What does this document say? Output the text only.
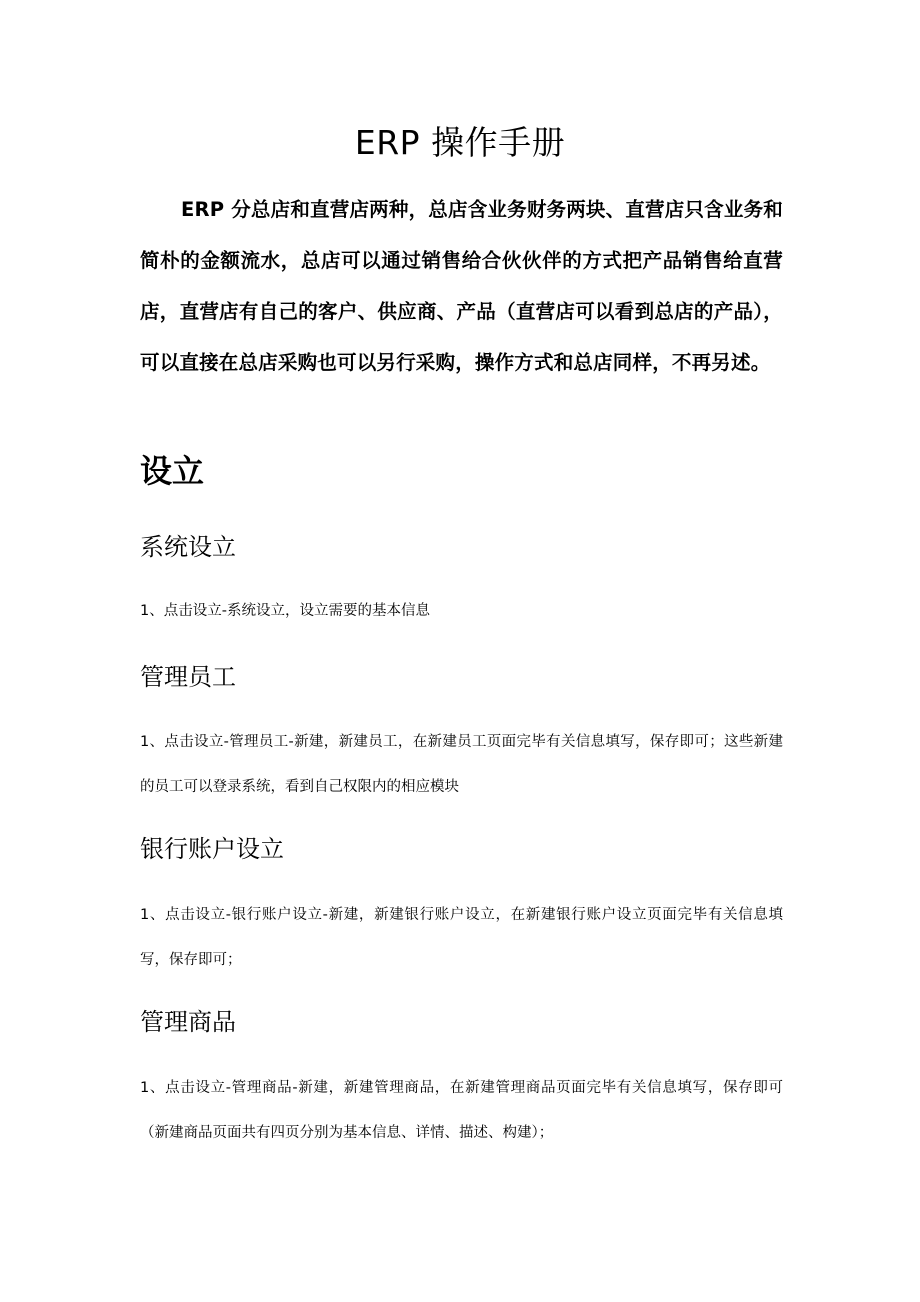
ERP 操作手册

ERP 分总店和直营店两种，总店含业务财务两块、直营店只含业务和简朴的金额流水，总店可以通过销售给合伙伙伴的方式把产品销售给直营店，直营店有自己的客户、供应商、产品（直营店可以看到总店的产品），可以直接在总店采购也可以另行采购，操作方式和总店同样，不再另述。

设立
系统设立

1、点击设立-系统设立，设立需要的基本信息

管理员工

1、点击设立-管理员工-新建，新建员工，在新建员工页面完毕有关信息填写，保存即可；这些新建的员工可以登录系统，看到自己权限内的相应模块

银行账户设立

1、点击设立-银行账户设立-新建，新建银行账户设立，在新建银行账户设立页面完毕有关信息填写，保存即可；

管理商品

1、点击设立-管理商品-新建，新建管理商品，在新建管理商品页面完毕有关信息填写，保存即可（新建商品页面共有四页分别为基本信息、详情、描述、构建）；
